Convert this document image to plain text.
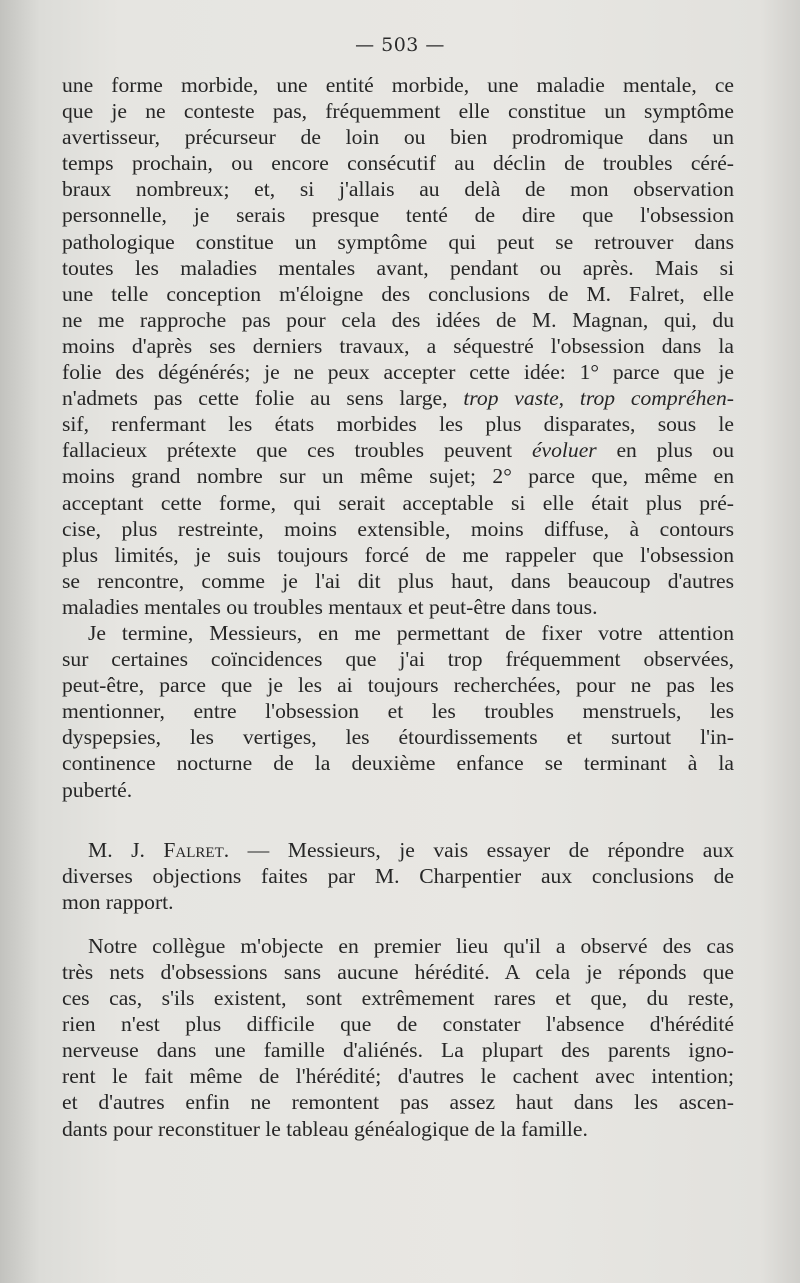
— 503 —
une forme morbide, une entité morbide, une maladie mentale, ce
que je ne conteste pas, fréquemment elle constitue un symptôme
avertisseur, précurseur de loin ou bien prodromique dans un
temps prochain, ou encore consécutif au déclin de troubles céré-
braux nombreux; et, si j'allais au delà de mon observation
personnelle, je serais presque tenté de dire que l'obsession
pathologique constitue un symptôme qui peut se retrouver dans
toutes les maladies mentales avant, pendant ou après. Mais si
une telle conception m'éloigne des conclusions de M. Falret, elle
ne me rapproche pas pour cela des idées de M. Magnan, qui, du
moins d'après ses derniers travaux, a séquestré l'obsession dans la
folie des dégénérés; je ne peux accepter cette idée: 1° parce que je
n'admets pas cette folie au sens large, trop vaste, trop compréhen-
sif, renfermant les états morbides les plus disparates, sous le
fallacieux prétexte que ces troubles peuvent évoluer en plus ou
moins grand nombre sur un même sujet; 2° parce que, même en
acceptant cette forme, qui serait acceptable si elle était plus pré-
cise, plus restreinte, moins extensible, moins diffuse, à contours
plus limités, je suis toujours forcé de me rappeler que l'obsession
se rencontre, comme je l'ai dit plus haut, dans beaucoup d'autres
maladies mentales ou troubles mentaux et peut-être dans tous.
Je termine, Messieurs, en me permettant de fixer votre attention
sur certaines coïncidences que j'ai trop fréquemment observées,
peut-être, parce que je les ai toujours recherchées, pour ne pas les
mentionner, entre l'obsession et les troubles menstruels, les
dyspepsies, les vertiges, les étourdissements et surtout l'in-
continence nocturne de la deuxième enfance se terminant à la
puberté.
M. J. Falret. — Messieurs, je vais essayer de répondre aux
diverses objections faites par M. Charpentier aux conclusions de
mon rapport.
Notre collègue m'objecte en premier lieu qu'il a observé des cas
très nets d'obsessions sans aucune hérédité. A cela je réponds que
ces cas, s'ils existent, sont extrêmement rares et que, du reste,
rien n'est plus difficile que de constater l'absence d'hérédité
nerveuse dans une famille d'aliénés. La plupart des parents igno-
rent le fait même de l'hérédité; d'autres le cachent avec intention;
et d'autres enfin ne remontent pas assez haut dans les ascen-
dants pour reconstituer le tableau généalogique de la famille.
